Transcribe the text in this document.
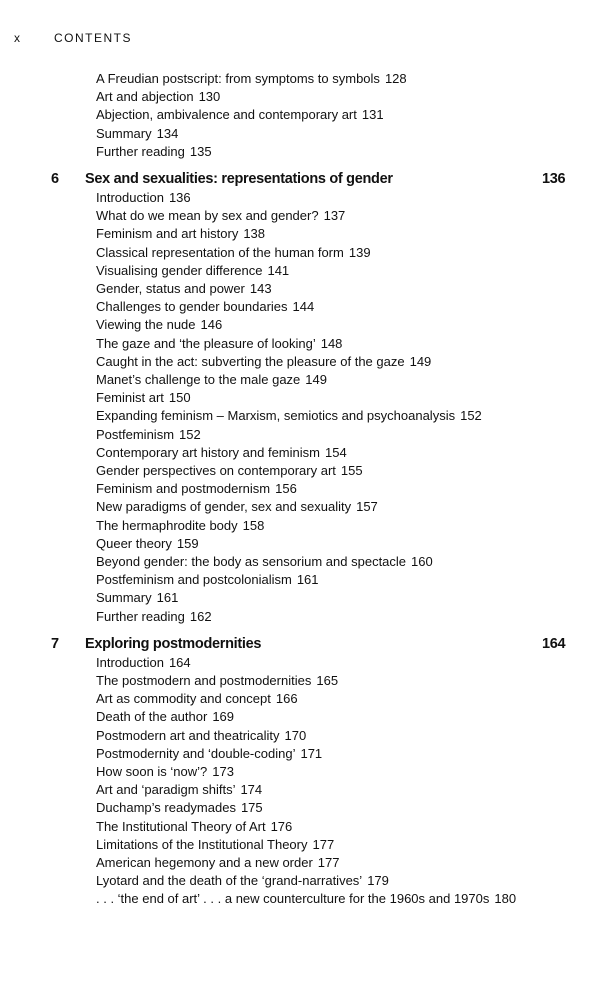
x	CONTENTS
A Freudian postscript: from symptoms to symbols 128
Art and abjection 130
Abjection, ambivalence and contemporary art 131
Summary 134
Further reading 135
6 Sex and sexualities: representations of gender	136
Introduction 136
What do we mean by sex and gender? 137
Feminism and art history 138
Classical representation of the human form 139
Visualising gender difference 141
Gender, status and power 143
Challenges to gender boundaries 144
Viewing the nude 146
The gaze and ‘the pleasure of looking’ 148
Caught in the act: subverting the pleasure of the gaze 149
Manet’s challenge to the male gaze 149
Feminist art 150
Expanding feminism – Marxism, semiotics and psychoanalysis 152
Postfeminism 152
Contemporary art history and feminism 154
Gender perspectives on contemporary art 155
Feminism and postmodernism 156
New paradigms of gender, sex and sexuality 157
The hermaphrodite body 158
Queer theory 159
Beyond gender: the body as sensorium and spectacle 160
Postfeminism and postcolonialism 161
Summary 161
Further reading 162
7 Exploring postmodernities	164
Introduction 164
The postmodern and postmodernities 165
Art as commodity and concept 166
Death of the author 169
Postmodern art and theatricality 170
Postmodernity and ‘double-coding’ 171
How soon is ‘now’? 173
Art and ‘paradigm shifts’ 174
Duchamp’s readymades 175
The Institutional Theory of Art 176
Limitations of the Institutional Theory 177
American hegemony and a new order 177
Lyotard and the death of the ‘grand-narratives’ 179
. . . ‘the end of art’ . . . a new counterculture for the 1960s and 1970s 180
